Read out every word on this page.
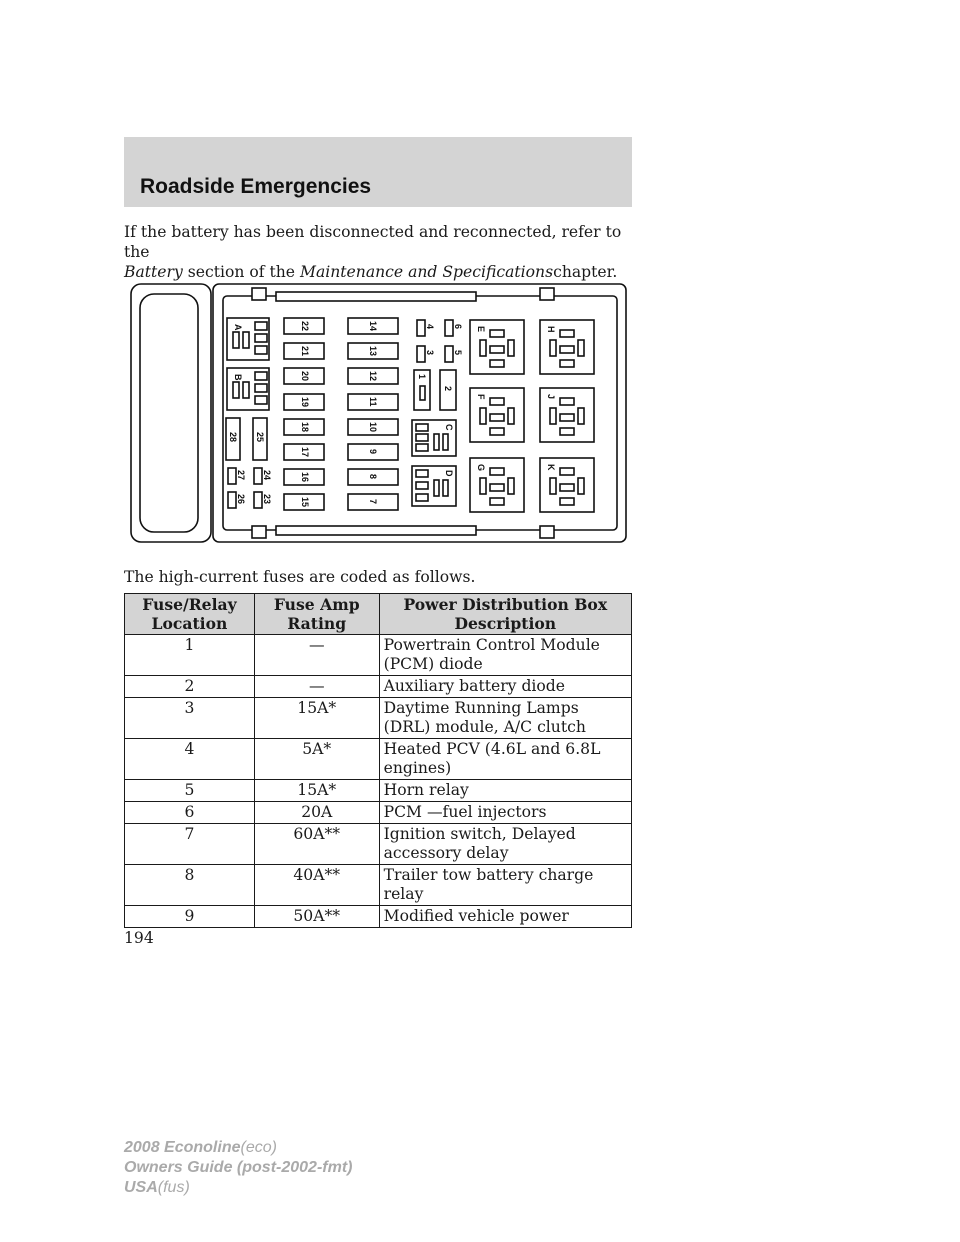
Roadside Emergencies

If the battery has been disconnected and reconnected, refer to the
Battery section of the Maintenance and Specificationschapter.

A
B
C
D
E
F
G
H
J
K
22
21
20
19
18
17
16
15
14
13
12
11
10
9
8
7
28 25
27 24
26 23
4 6
3 5
1
2

The high-current fuses are coded as follows.

Fuse/Relay Location	Fuse Amp Rating	Power Distribution Box Description
1	—	Powertrain Control Module (PCM) diode
2	—	Auxiliary battery diode
3	15A*	Daytime Running Lamps (DRL) module, A/C clutch
4	5A*	Heated PCV (4.6L and 6.8L engines)
5	15A*	Horn relay
6	20A	PCM —fuel injectors
7	60A**	Ignition switch, Delayed accessory delay
8	40A**	Trailer tow battery charge relay
9	50A**	Modified vehicle power

194

2008 Econoline(eco)
Owners Guide (post-2002-fmt)
USA(fus)
